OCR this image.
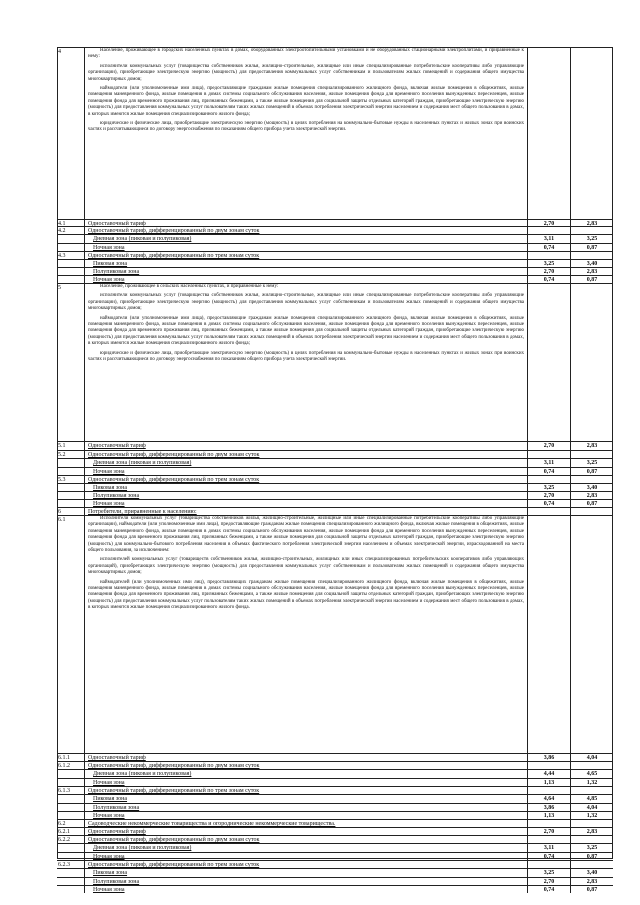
4	Население, проживающее в городских населенных пунктах в домах, оборудованных электроотопительными установками и не оборудованных стационарными электроплитами, и приравненные к нему:

исполнители коммунальных услуг (товарищества собственников жилья, жилищно-строительные, жилищные или иные специализированные потребительские кооперативы либо управляющие организации), приобретающие электрическую энергию (мощность) для предоставления коммунальных услуг собственникам и пользователям жилых помещений и содержания общего имущества многоквартирных домов;

наймодатели (или уполномоченные ими лица), предоставляющие гражданам жилые помещения специализированного жилищного фонда, включая жилые помещения в общежитиях, жилые помещения маневренного фонда, жилые помещения в домах системы социального обслуживания населения, жилые помещения фонда для временного поселения вынужденных переселенцев, жилые помещения фонда для временного проживания лиц, признанных беженцами, а также жилые помещения для социальной защиты отдельных категорий граждан, приобретающие электрическую энергию (мощность) для предоставления коммунальных услуг пользователям таких жилых помещений в объемах потребления электрической энергии населением и содержания мест общего пользования в домах, в которых имеются жилые помещения специализированного жилого фонда;

юридические и физические лица, приобретающие электрическую энергию (мощность) в целях потребления на коммунально-бытовые нужды в населенных пунктах и жилых зонах при воинских частях и рассчитывающиеся по договору энергоснабжения по показаниям общего прибора учета электрической энергии.

4.1	Одноставочный тариф	2,70	2,83
4.2	Одноставочный тариф, дифференцированный по двум зонам суток
Дневная зона (пиковая и полупиковая)	3,11	3,25
Ночная зона	0,74	0,87
4.3	Одноставочный тариф, дифференцированный по трем зонам суток
Пиковая зона	3,25	3,40
Полупиковая зона	2,70	2,83
Ночная зона	0,74	0,87
5	Население, проживающее в сельских населенных пунктах, и приравненные к нему:

исполнители коммунальных услуг (товарищества собственников жилья, жилищно-строительные, жилищные или иные специализированные потребительские кооперативы либо управляющие организации), приобретающие электрическую энергию (мощность) для предоставления коммунальных услуг собственникам и пользователям жилых помещений и содержания общего имущества многоквартирных домов;

наймодатели (или уполномоченные ими лица), предоставляющие гражданам жилые помещения специализированного жилищного фонда, включая жилые помещения в общежитиях, жилые помещения маневренного фонда, жилые помещения в домах системы социального обслуживания населения, жилые помещения фонда для временного поселения вынужденных переселенцев, жилые помещения фонда для временного проживания лиц, признанных беженцами, а также жилые помещения для социальной защиты отдельных категорий граждан, приобретающие электрическую энергию (мощность) для предоставления коммунальных услуг пользователям таких жилых помещений в объемах потребления электрической энергии населением и содержания мест общего пользования в домах, в которых имеются жилые помещения специализированного жилого фонда;

юридические и физические лица, приобретающие электрическую энергию (мощность) в целях потребления на коммунально-бытовые нужды в населенных пунктах и жилых зонах при воинских частях и рассчитывающиеся по договору энергоснабжения по показаниям общего прибора учета электрической энергии.

5.1	Одноставочный тариф	2,70	2,83
5.2	Одноставочный тариф, дифференцированный по двум зонам суток
Дневная зона (пиковая и полупиковая)	3,11	3,25
Ночная зона	0,74	0,87
5.3	Одноставочный тариф, дифференцированный по трем зонам суток
Пиковая зона	3,25	3,40
Полупиковая зона	2,70	2,83
Ночная зона	0,74	0,87
6	Потребители, приравненные к населению:
6.1	Исполнители коммунальных услуг (товарищества собственников жилья, жилищно-строительные, жилищные или иные специализированные потребительские кооперативы либо управляющие организации), наймодатели (или уполномоченные ими лица), предоставляющие гражданам жилые помещения специализированного жилищного фонда, включая жилые помещения в общежитиях, жилые помещения маневренного фонда, жилые помещения в домах системы социального обслуживания населения, жилые помещения фонда для временного поселения вынужденных переселенцев, жилые помещения фонда для временного проживания лиц, признанных беженцами, а также жилые помещения для социальной защиты отдельных категорий граждан, приобретающие электрическую энергию (мощность) для коммунально-бытового потребления населения в объемах фактического потребления электрической энергии населением и объемах электрической энергии, израсходованной на места общего пользования, за исключением:

исполнителей коммунальных услуг (товариществ собственников жилья, жилищно-строительных, жилищных или иных специализированных потребительских кооперативов либо управляющих организаций), приобретающих электрическую энергию (мощность) для предоставления коммунальных услуг собственникам и пользователям жилых помещений и содержания общего имущества многоквартирных домов;

наймодателей (или уполномоченных ими лиц), предоставляющих гражданам жилые помещения специализированного жилищного фонда, включая жилые помещения в общежитиях, жилые помещения маневренного фонда, жилые помещения в домах системы социального обслуживания населения, жилые помещения фонда для временного поселения вынужденных переселенцев, жилые помещения фонда для временного проживания лиц, признанных беженцами, а также жилые помещения для социальной защиты отдельных категорий граждан, приобретающих электрическую энергию (мощность) для предоставления коммунальных услуг пользователям таких жилых помещений в объемах потребления электрической энергии населением и содержания мест общего пользования в домах, в которых имеются жилые помещения специализированного жилого фонда.

6.1.1	Одноставочный тариф	3,86	4,04
6.1.2	Одноставочный тариф, дифференцированный по двум зонам суток
Дневная зона (пиковая и полупиковая)	4,44	4,65
Ночная зона	1,13	1,32
6.1.3	Одноставочный тариф, дифференцированный по трем зонам суток
Пиковая зона	4,64	4,85
Полупиковая зона	3,86	4,04
Ночная зона	1,13	1,32
6.2	Садоводческие некоммерческие товарищества и огороднические некоммерческие товарищества.
6.2.1	Одноставочный тариф	2,70	2,83
6.2.2	Одноставочный тариф, дифференцированный по двум зонам суток
Дневная зона (пиковая и полупиковая)	3,11	3,25
Ночная зона	0,74	0,87
6.2.3	Одноставочный тариф, дифференцированный по трем зонам суток
Пиковая зона	3,25	3,40
Полупиковая зона	2,70	2,83
Ночная зона	0,74	0,87
